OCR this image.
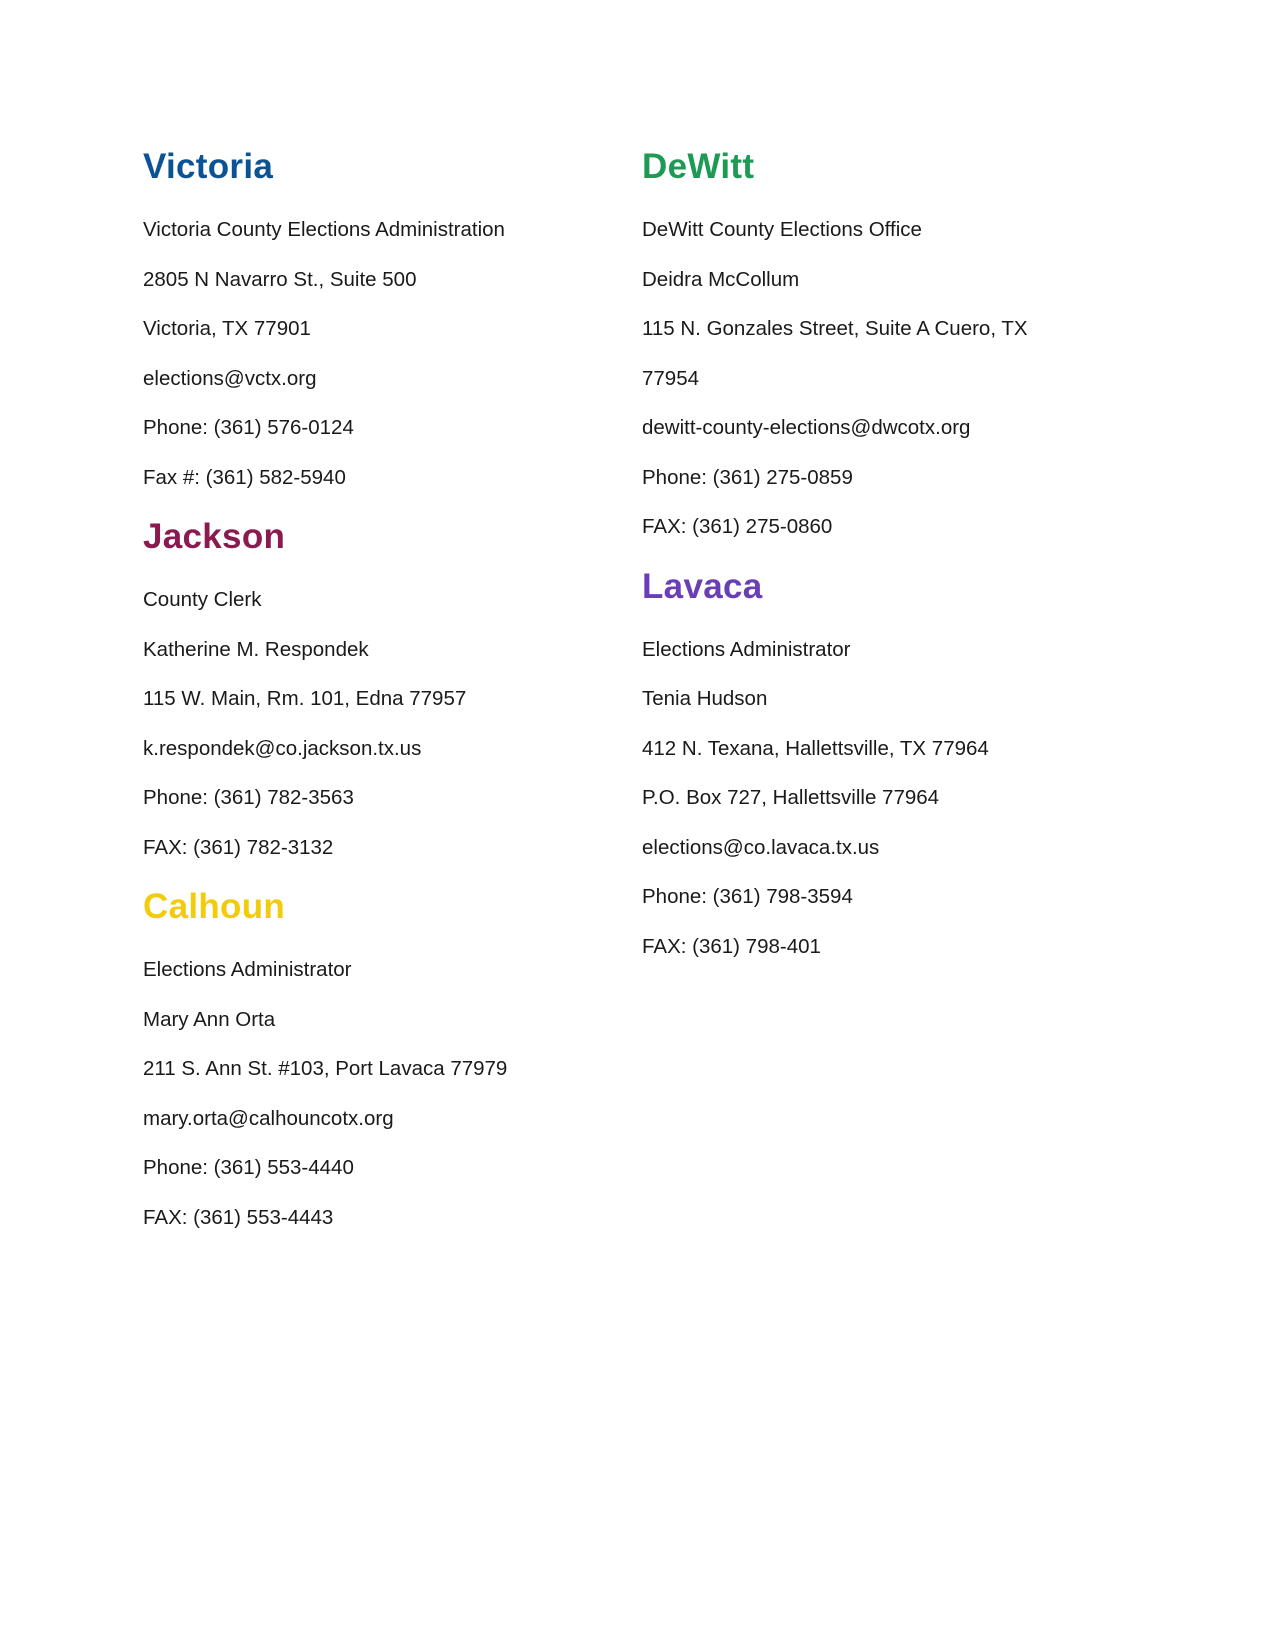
Victoria

Victoria County Elections Administration

2805 N Navarro St., Suite 500

Victoria, TX 77901

elections@vctx.org

Phone: (361) 576-0124

Fax #: (361) 582-5940

Jackson

County Clerk

Katherine M. Respondek

115 W. Main, Rm. 101, Edna 77957

k.respondek@co.jackson.tx.us

Phone: (361) 782-3563

FAX: (361) 782-3132

Calhoun

Elections Administrator

Mary Ann Orta

211 S. Ann St. #103, Port Lavaca 77979

mary.orta@calhouncotx.org

Phone: (361) 553-4440

FAX: (361) 553-4443

DeWitt

DeWitt County Elections Office

Deidra McCollum

115 N. Gonzales Street, Suite A Cuero, TX 77954

dewitt-county-elections@dwcotx.org

Phone: (361) 275-0859

FAX: (361) 275-0860

Lavaca

Elections Administrator

Tenia Hudson

412 N. Texana, Hallettsville, TX 77964

P.O. Box 727, Hallettsville 77964

elections@co.lavaca.tx.us

Phone: (361) 798-3594

FAX: (361) 798-401
